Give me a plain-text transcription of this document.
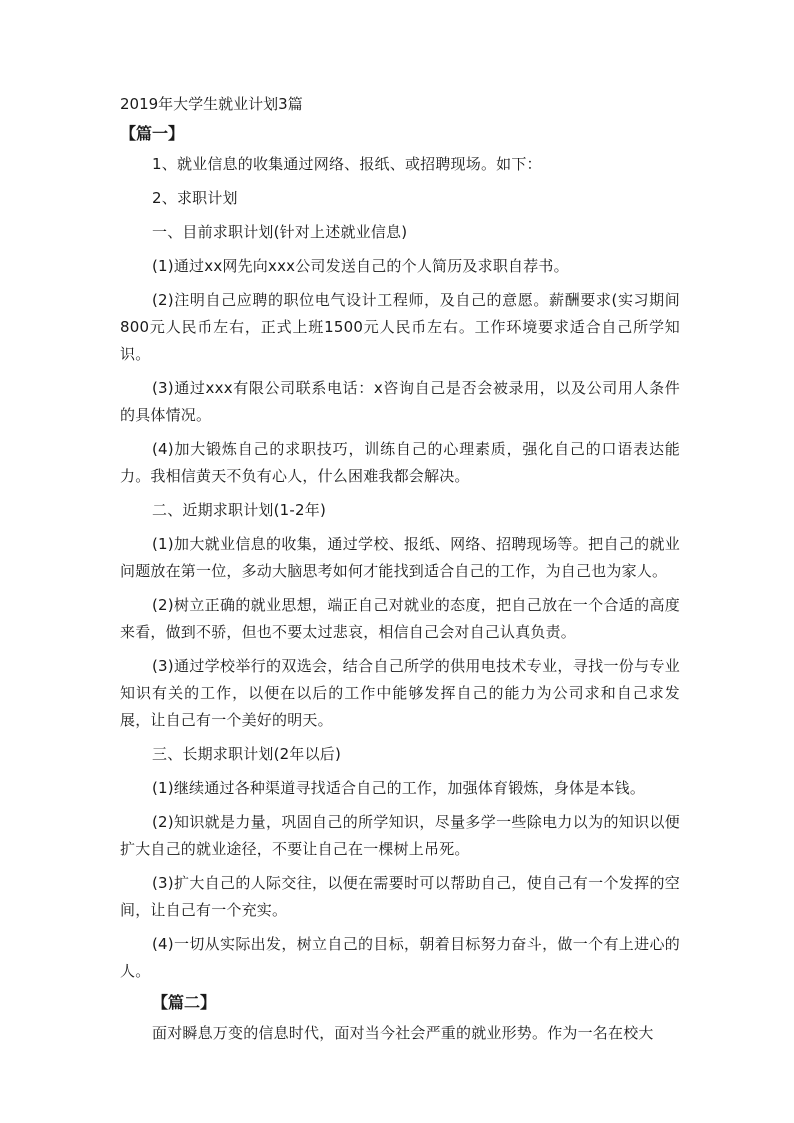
2019年大学生就业计划3篇
【篇一】

1、就业信息的收集通过网络、报纸、或招聘现场。如下：

2、求职计划

一、目前求职计划(针对上述就业信息)

(1)通过xx网先向xxx公司发送自己的个人简历及求职自荐书。

(2)注明自己应聘的职位电气设计工程师，及自己的意愿。薪酬要求(实习期间800元人民币左右，正式上班1500元人民币左右。工作环境要求适合自己所学知识。

(3)通过xxx有限公司联系电话：x咨询自己是否会被录用，以及公司用人条件的具体情况。

(4)加大锻炼自己的求职技巧，训练自己的心理素质，强化自己的口语表达能力。我相信黄天不负有心人，什么困难我都会解决。

二、近期求职计划(1-2年)

(1)加大就业信息的收集，通过学校、报纸、网络、招聘现场等。把自己的就业问题放在第一位，多动大脑思考如何才能找到适合自己的工作，为自己也为家人。

(2)树立正确的就业思想，端正自己对就业的态度，把自己放在一个合适的高度来看，做到不骄，但也不要太过悲哀，相信自己会对自己认真负责。

(3)通过学校举行的双选会，结合自己所学的供用电技术专业，寻找一份与专业知识有关的工作，以便在以后的工作中能够发挥自己的能力为公司求和自己求发展，让自己有一个美好的明天。

三、长期求职计划(2年以后)

(1)继续通过各种渠道寻找适合自己的工作，加强体育锻炼，身体是本钱。

(2)知识就是力量，巩固自己的所学知识，尽量多学一些除电力以为的知识以便扩大自己的就业途径，不要让自己在一棵树上吊死。

(3)扩大自己的人际交往，以便在需要时可以帮助自己，使自己有一个发挥的空间，让自己有一个充实。

(4)一切从实际出发，树立自己的目标，朝着目标努力奋斗，做一个有上进心的人。

【篇二】

面对瞬息万变的信息时代，面对当今社会严重的就业形势。作为一名在校大
